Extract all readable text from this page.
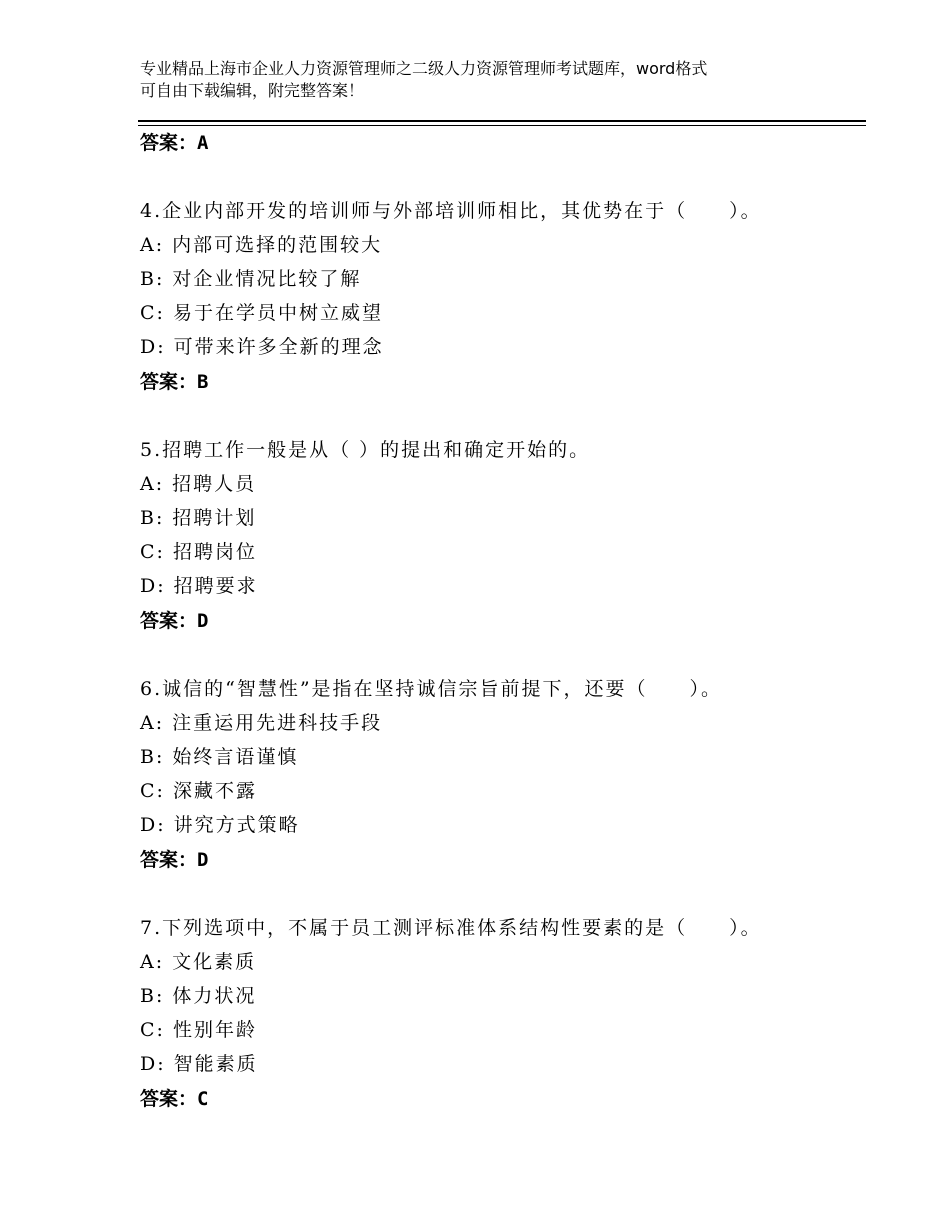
专业精品上海市企业人力资源管理师之二级人力资源管理师考试题库，word格式
可自由下载编辑，附完整答案！
答案：A
4.企业内部开发的培训师与外部培训师相比，其优势在于（　　）。
A: 内部可选择的范围较大
B: 对企业情况比较了解
C: 易于在学员中树立威望
D: 可带来许多全新的理念
答案：B
5.招聘工作一般是从（ ）的提出和确定开始的。
A: 招聘人员
B: 招聘计划
C: 招聘岗位
D: 招聘要求
答案：D
6.诚信的“智慧性”是指在坚持诚信宗旨前提下，还要（　　）。
A: 注重运用先进科技手段
B: 始终言语谨慎
C: 深藏不露
D: 讲究方式策略
答案：D
7.下列选项中，不属于员工测评标准体系结构性要素的是（　　）。
A: 文化素质
B: 体力状况
C: 性别年龄
D: 智能素质
答案：C
